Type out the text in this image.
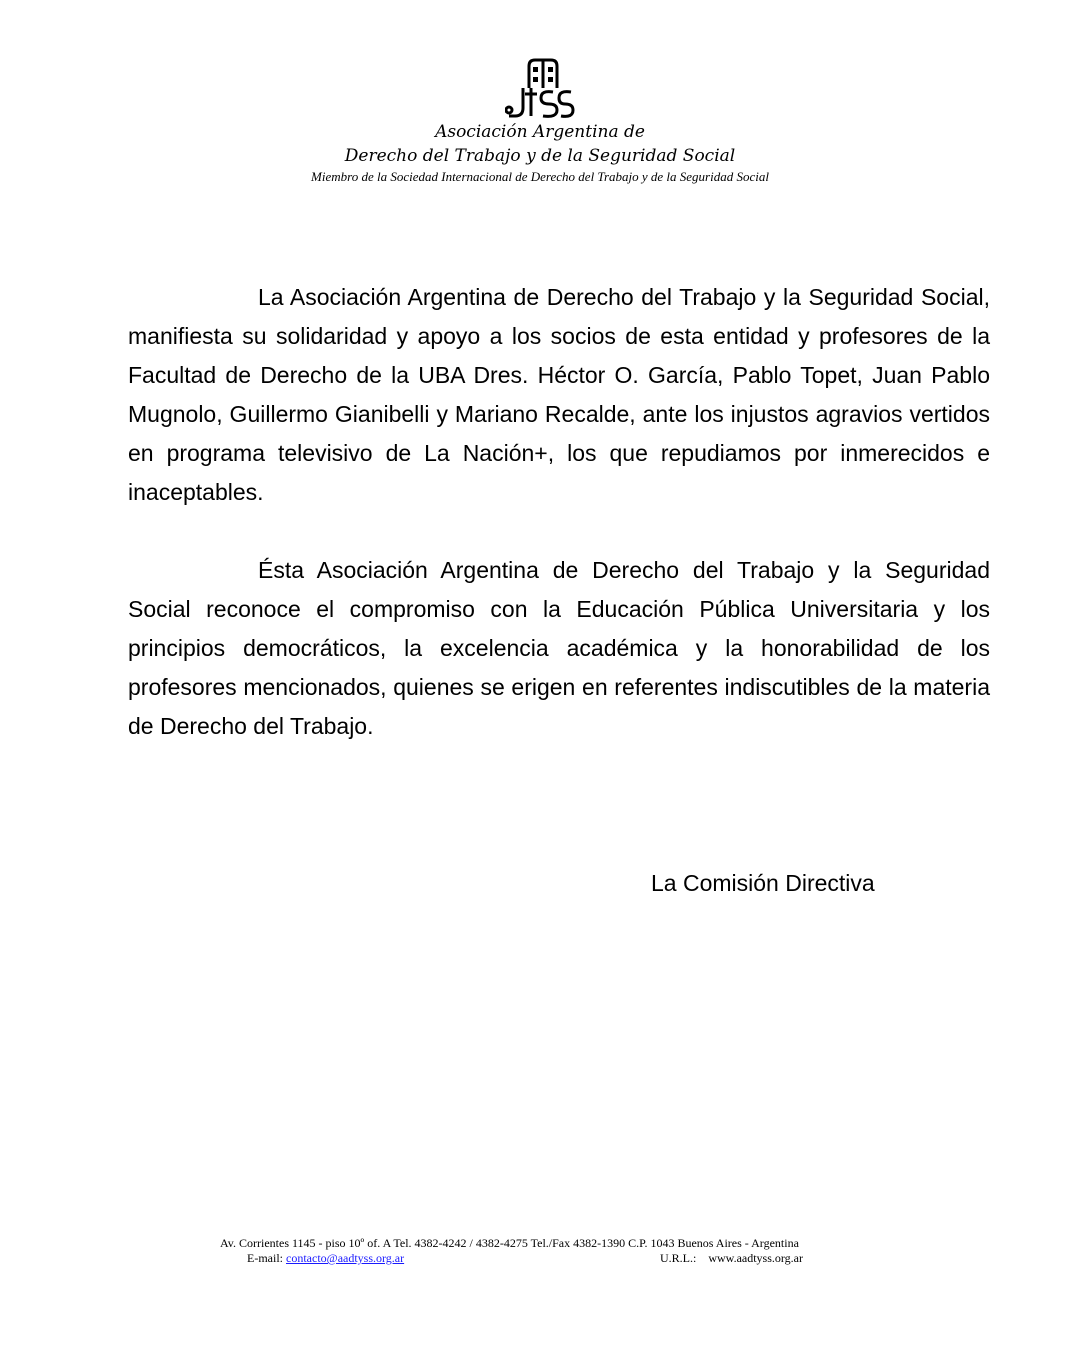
Asociación Argentina de
Derecho del Trabajo y de la Seguridad Social
Miembro de la Sociedad Internacional de Derecho del Trabajo y de la Seguridad Social

La Asociación Argentina de Derecho del Trabajo y la Seguridad Social, manifiesta su solidaridad y apoyo a los socios de esta entidad y profesores de la Facultad de Derecho de la UBA Dres. Héctor O. García, Pablo Topet, Juan Pablo Mugnolo, Guillermo Gianibelli y Mariano Recalde, ante los injustos agravios vertidos en programa televisivo de La Nación+, los que repudiamos por inmerecidos e inaceptables.

Ésta Asociación Argentina de Derecho del Trabajo y la Seguridad Social reconoce el compromiso con la Educación Pública Universitaria y los principios democráticos, la excelencia académica y la honorabilidad de los profesores mencionados, quienes se erigen en referentes indiscutibles de la materia de Derecho del Trabajo.

La Comisión Directiva
Av. Corrientes 1145 - piso 10º of. A Tel. 4382-4242 / 4382-4275 Tel./Fax 4382-1390 C.P. 1043 Buenos Aires - Argentina
E-mail: contacto@aadtyss.org.ar	U.R.L.:    www.aadtyss.org.ar
